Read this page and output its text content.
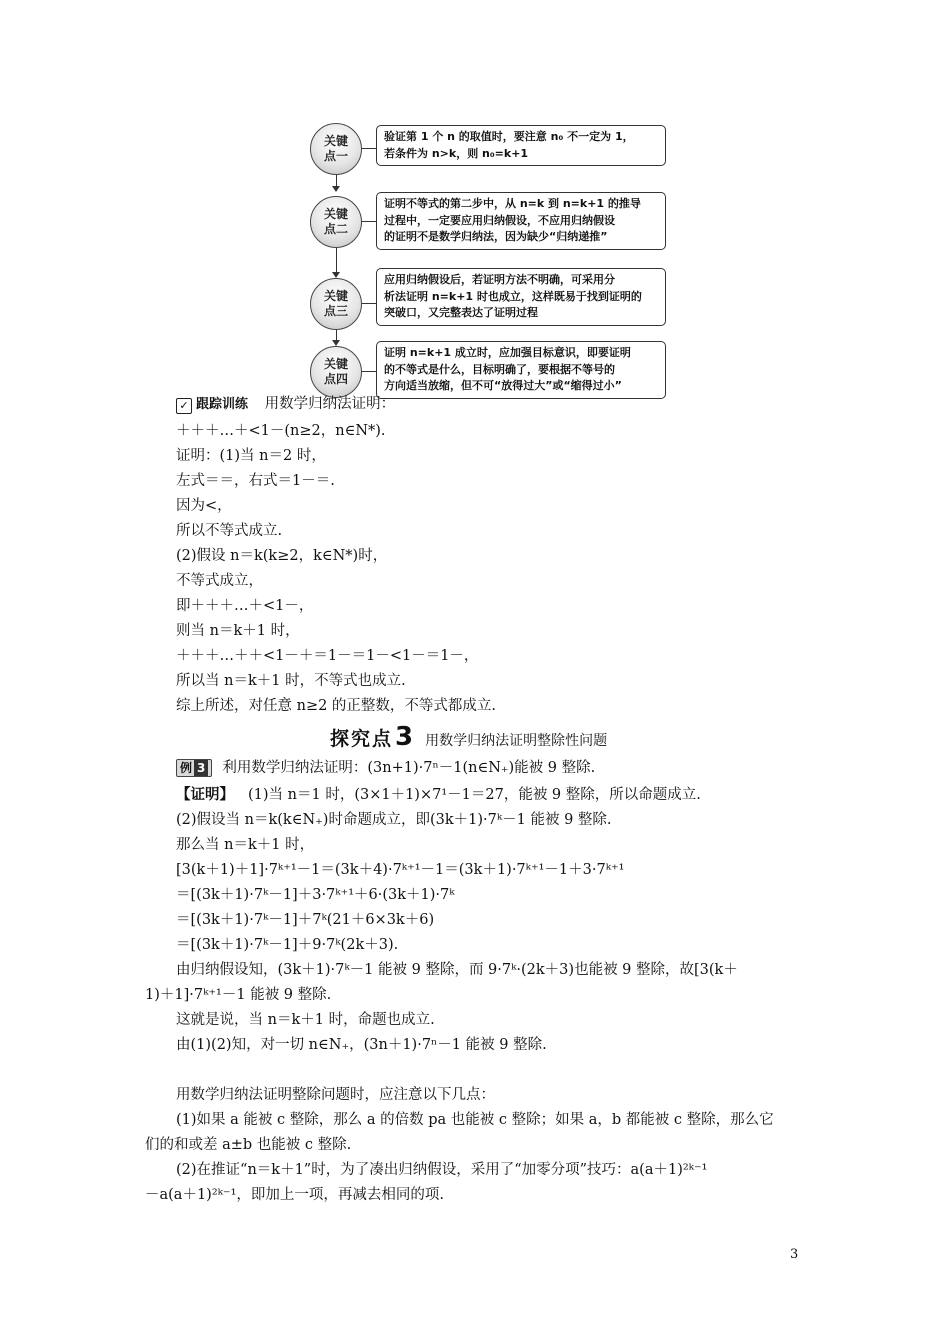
关键
点一
验证第 1 个 n 的取值时，要注意 n₀ 不一定为 1，
若条件为 n>k，则 n₀=k+1
关键
点二
证明不等式的第二步中，从 n=k 到 n=k+1 的推导
过程中，一定要应用归纳假设，不应用归纳假设
的证明不是数学归纳法，因为缺少“归纳递推”
关键
点三
应用归纳假设后，若证明方法不明确，可采用分
析法证明 n=k+1 时也成立，这样既易于找到证明的
突破口，又完整表达了证明过程
关键
点四
证明 n=k+1 成立时，应加强目标意识，即要证明
的不等式是什么，目标明确了，要根据不等号的
方向适当放缩，但不可“放得过大”或“缩得过小”
✓ 跟踪训练 用数学归纳法证明：
＋＋＋…＋<1－(n≥2，n∈N*).
证明：(1)当 n＝2 时，
左式＝＝，右式＝1－＝.
因为<，
所以不等式成立.
(2)假设 n＝k(k≥2，k∈N*)时，
不等式成立，
即＋＋＋…＋<1－，
则当 n＝k＋1 时，
＋＋＋…＋＋<1－＋＝1－＝1－<1－＝1－，
所以当 n＝k＋1 时，不等式也成立.
综上所述，对任意 n≥2 的正整数，不等式都成立.
探究点3 用数学归纳法证明整除性问题
例 3 利用数学归纳法证明：(3n+1)·7ⁿ－1(n∈N₊)能被 9 整除.
【证明】 (1)当 n＝1 时，(3×1＋1)×7¹－1＝27，能被 9 整除，所以命题成立.
(2)假设当 n＝k(k∈N₊)时命题成立，即(3k＋1)·7ᵏ－1 能被 9 整除.
那么当 n＝k＋1 时，
[3(k＋1)＋1]·7ᵏ⁺¹－1＝(3k＋4)·7ᵏ⁺¹－1＝(3k＋1)·7ᵏ⁺¹－1＋3·7ᵏ⁺¹
＝[(3k＋1)·7ᵏ－1]＋3·7ᵏ⁺¹＋6·(3k＋1)·7ᵏ
＝[(3k＋1)·7ᵏ－1]＋7ᵏ(21＋6×3k＋6)
＝[(3k＋1)·7ᵏ－1]＋9·7ᵏ(2k＋3).
由归纳假设知，(3k＋1)·7ᵏ－1 能被 9 整除，而 9·7ᵏ·(2k＋3)也能被 9 整除，故[3(k＋
1)＋1]·7ᵏ⁺¹－1 能被 9 整除.
这就是说，当 n＝k＋1 时，命题也成立.
由(1)(2)知，对一切 n∈N₊，(3n＋1)·7ⁿ－1 能被 9 整除.
用数学归纳法证明整除问题时，应注意以下几点：
(1)如果 a 能被 c 整除，那么 a 的倍数 pa 也能被 c 整除；如果 a，b 都能被 c 整除，那么它
们的和或差 a±b 也能被 c 整除.
(2)在推证“n＝k＋1”时，为了凑出归纳假设，采用了“加零分项”技巧：a(a＋1)²ᵏ⁻¹
－a(a＋1)²ᵏ⁻¹，即加上一项，再减去相同的项.
3
